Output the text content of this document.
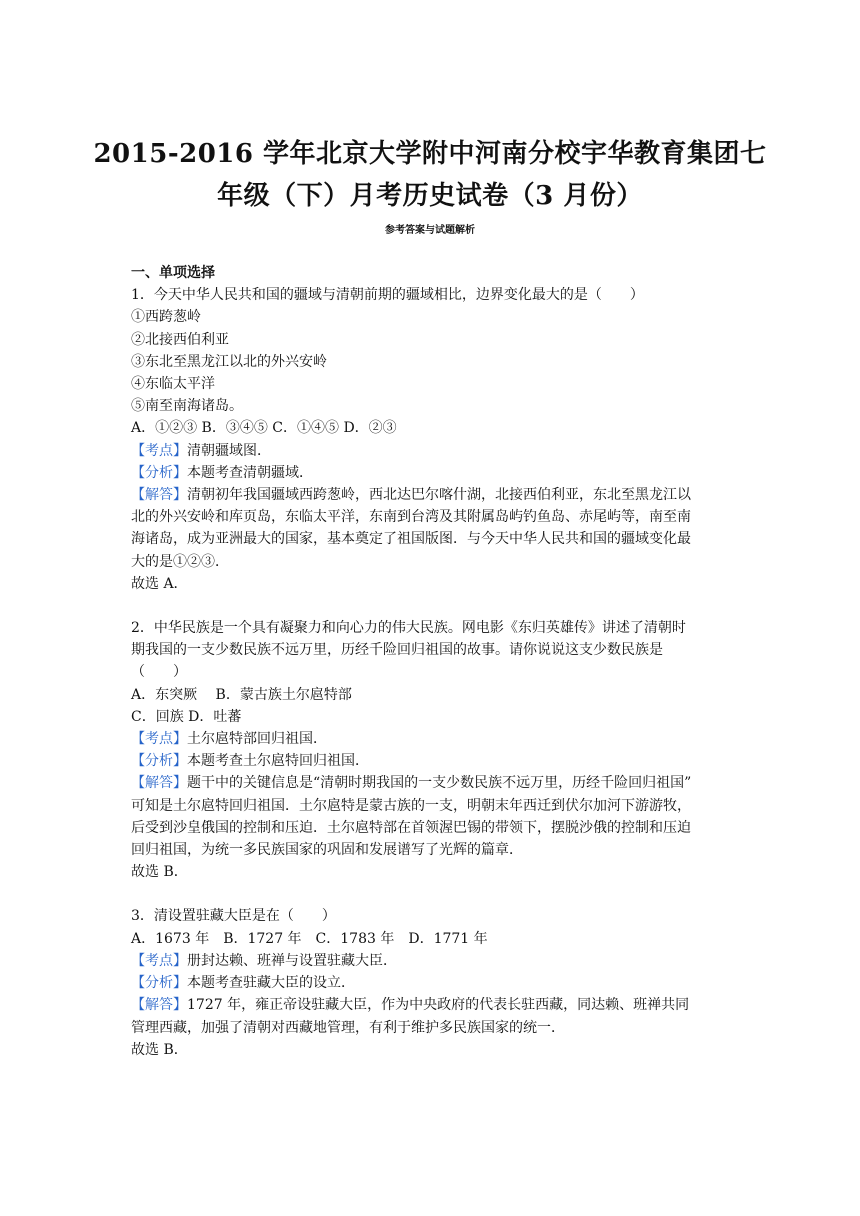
2015-2016 学年北京大学附中河南分校宇华教育集团七
年级（下）月考历史试卷（3 月份）
参考答案与试题解析
一、单项选择
1．今天中华人民共和国的疆域与清朝前期的疆域相比，边界变化最大的是（　　）
①西跨葱岭
②北接西伯利亚
③东北至黑龙江以北的外兴安岭
④东临太平洋
⑤南至南海诸岛。
A．①②③ B．③④⑤ C．①④⑤ D．②③
【考点】清朝疆域图．
【分析】本题考查清朝疆域．
【解答】清朝初年我国疆域西跨葱岭，西北达巴尔喀什湖，北接西伯利亚，东北至黑龙江以
北的外兴安岭和库页岛，东临太平洋，东南到台湾及其附属岛屿钓鱼岛、赤尾屿等，南至南
海诸岛，成为亚洲最大的国家，基本奠定了祖国版图．与今天中华人民共和国的疆域变化最
大的是①②③．
故选 A．
2．中华民族是一个具有凝聚力和向心力的伟大民族。网电影《东归英雄传》讲述了清朝时
期我国的一支少数民族不远万里，历经千险回归祖国的故事。请你说说这支少数民族是
（　　）
A．东突厥　 B．蒙古族土尔扈特部
C．回族 D．吐蕃
【考点】土尔扈特部回归祖国．
【分析】本题考查土尔扈特回归祖国．
【解答】题干中的关键信息是“清朝时期我国的一支少数民族不远万里，历经千险回归祖国”
可知是土尔扈特回归祖国．土尔扈特是蒙古族的一支，明朝末年西迁到伏尔加河下游游牧，
后受到沙皇俄国的控制和压迫．土尔扈特部在首领渥巴锡的带领下，摆脱沙俄的控制和压迫
回归祖国，为统一多民族国家的巩固和发展谱写了光辉的篇章．
故选 B．
3．清设置驻藏大臣是在（　　）
A．1673 年　B．1727 年　C．1783 年　D．1771 年
【考点】册封达赖、班禅与设置驻藏大臣．
【分析】本题考查驻藏大臣的设立．
【解答】1727 年，雍正帝设驻藏大臣，作为中央政府的代表长驻西藏，同达赖、班禅共同
管理西藏，加强了清朝对西藏地管理，有利于维护多民族国家的统一．
故选 B．
